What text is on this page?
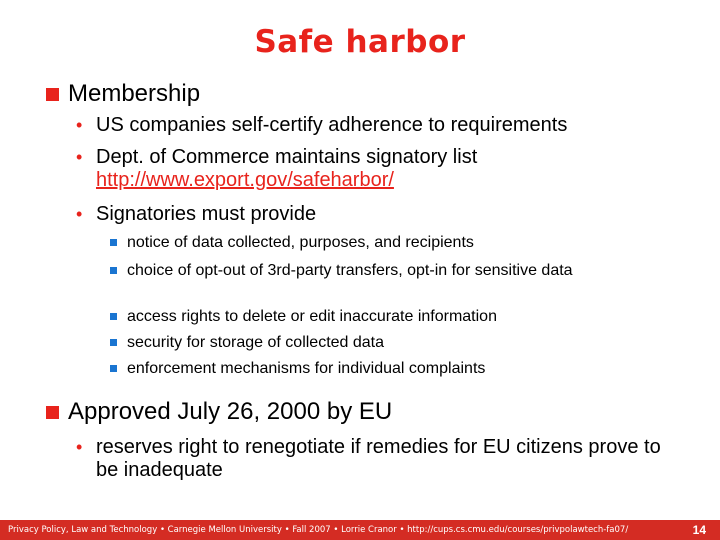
Safe harbor
Membership
• US companies self-certify adherence to requirements
• Dept. of Commerce maintains signatory list
http://www.export.gov/safeharbor/
• Signatories must provide
notice of data collected, purposes, and recipients
choice of opt-out of 3rd-party transfers, opt-in for sensitive data
access rights to delete or edit inaccurate information
security for storage of collected data
enforcement mechanisms for individual complaints
Approved July 26, 2000 by EU
• reserves right to renegotiate if remedies for EU citizens prove to be inadequate
Privacy Policy, Law and Technology • Carnegie Mellon University • Fall 2007 • Lorrie Cranor • http://cups.cs.cmu.edu/courses/privpolawtech-fa07/	14
